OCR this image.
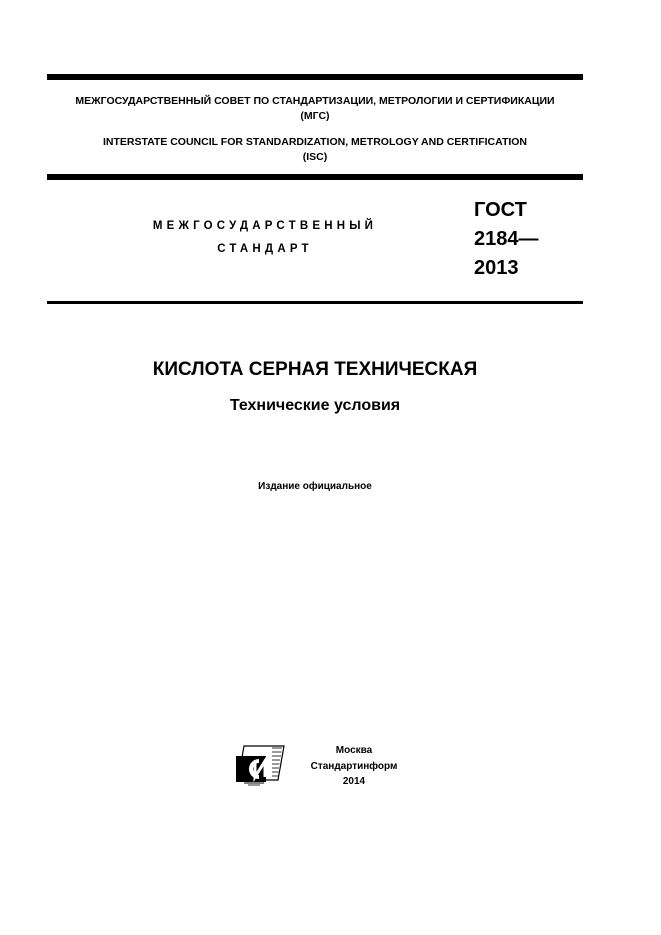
МЕЖГОСУДАРСТВЕННЫЙ СОВЕТ ПО СТАНДАРТИЗАЦИИ, МЕТРОЛОГИИ И СЕРТИФИКАЦИИ
(МГС)
INTERSTATE COUNCIL FOR STANDARDIZATION, METROLOGY AND CERTIFICATION
(ISC)
МЕЖГОСУДАРСТВЕННЫЙ
СТАНДАРТ
ГОСТ
2184—
2013
КИСЛОТА СЕРНАЯ ТЕХНИЧЕСКАЯ
Технические условия
Издание официальное
Москва
Стандартинформ
2014
